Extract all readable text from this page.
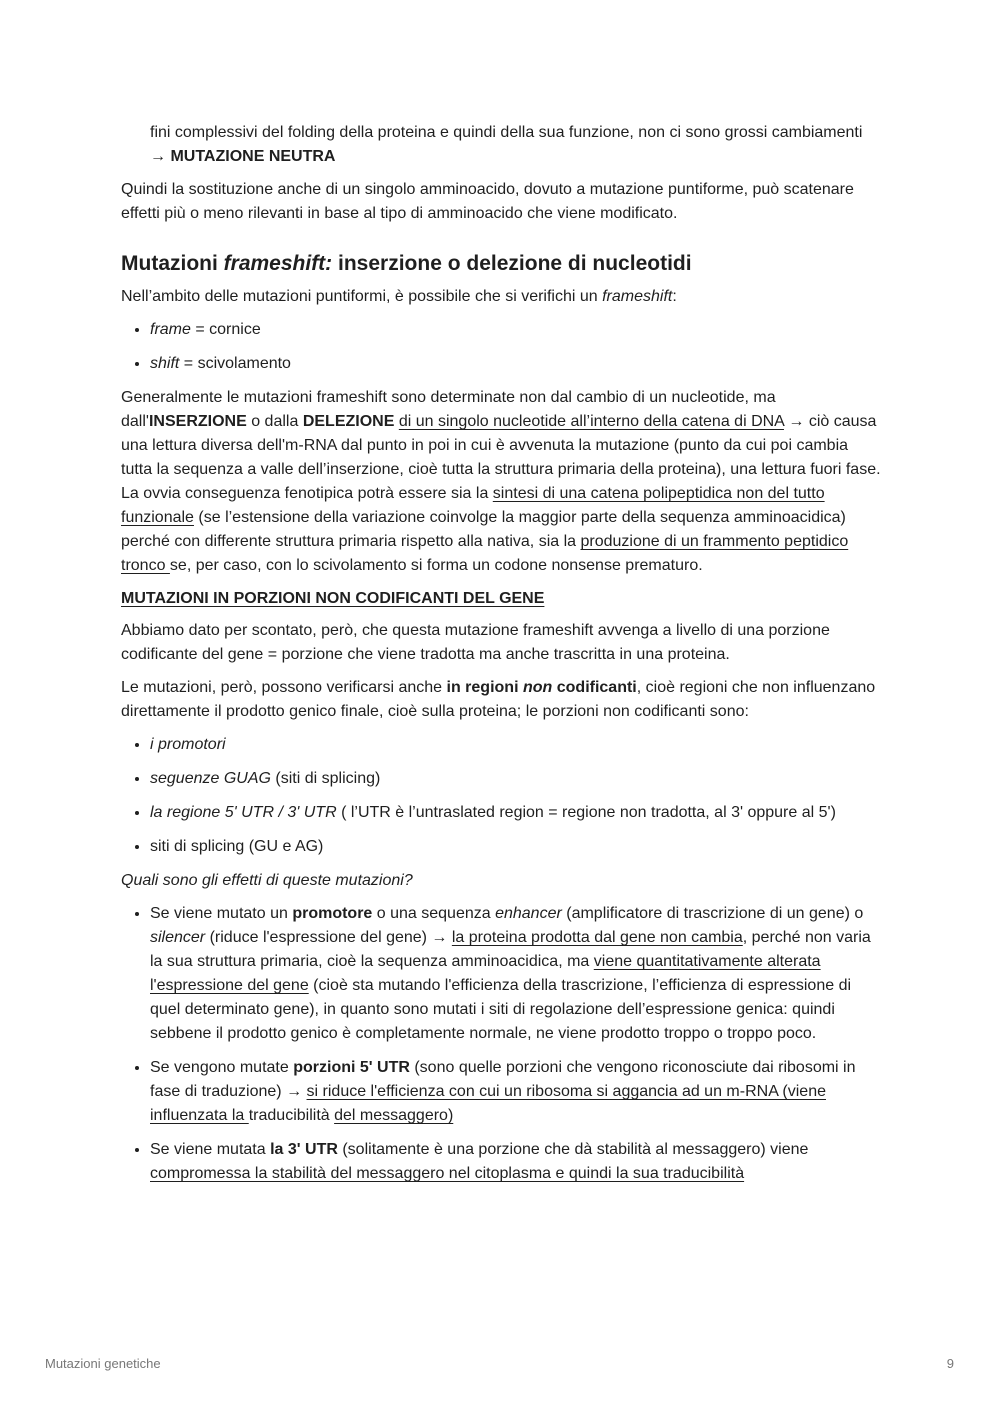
fini complessivi del folding della proteina e quindi della sua funzione, non ci sono grossi cambiamenti → MUTAZIONE NEUTRA

Quindi la sostituzione anche di un singolo amminoacido, dovuto a mutazione puntiforme, può scatenare effetti più o meno rilevanti in base al tipo di amminoacido che viene modificato.

Mutazioni frameshift: inserzione o delezione di nucleotidi

Nell’ambito delle mutazioni puntiformi, è possibile che si verifichi un frameshift:

• frame = cornice
• shift = scivolamento

Generalmente le mutazioni frameshift sono determinate non dal cambio di un nucleotide, ma dall'INSERZIONE o dalla DELEZIONE di un singolo nucleotide all’interno della catena di DNA → ciò causa una lettura diversa dell'm-RNA dal punto in poi in cui è avvenuta la mutazione (punto da cui poi cambia tutta la sequenza a valle dell’inserzione, cioè tutta la struttura primaria della proteina), una lettura fuori fase. La ovvia conseguenza fenotipica potrà essere sia la sintesi di una catena polipeptidica non del tutto funzionale (se l’estensione della variazione coinvolge la maggior parte della sequenza amminoacidica) perché con differente struttura primaria rispetto alla nativa, sia la produzione di un frammento peptidico tronco se, per caso, con lo scivolamento si forma un codone nonsense prematuro.

MUTAZIONI IN PORZIONI NON CODIFICANTI DEL GENE

Abbiamo dato per scontato, però, che questa mutazione frameshift avvenga a livello di una porzione codificante del gene = porzione che viene tradotta ma anche trascritta in una proteina.

Le mutazioni, però, possono verificarsi anche in regioni non codificanti, cioè regioni che non influenzano direttamente il prodotto genico finale, cioè sulla proteina; le porzioni non codificanti sono:

• i promotori
• seguenze GUAG (siti di splicing)
• la regione 5' UTR / 3' UTR ( l’UTR è l’untraslated region = regione non tradotta, al 3' oppure al 5')
• siti di splicing (GU e AG)

Quali sono gli effetti di queste mutazioni?

• Se viene mutato un promotore o una sequenza enhancer (amplificatore di trascrizione di un gene) o silencer (riduce l'espressione del gene) → la proteina prodotta dal gene non cambia, perché non varia la sua struttura primaria, cioè la sequenza amminoacidica, ma viene quantitativamente alterata l'espressione del gene (cioè sta mutando l'efficienza della trascrizione, l’efficienza di espressione di quel determinato gene), in quanto sono mutati i siti di regolazione dell’espressione genica: quindi sebbene il prodotto genico è completamente normale, ne viene prodotto troppo o troppo poco.
• Se vengono mutate porzioni 5' UTR (sono quelle porzioni che vengono riconosciute dai ribosomi in fase di traduzione) → si riduce l'efficienza con cui un ribosoma si aggancia ad un m-RNA (viene influenzata la traducibilità del messaggero)
• Se viene mutata la 3' UTR (solitamente è una porzione che dà stabilità al messaggero) viene compromessa la stabilità del messaggero nel citoplasma e quindi la sua traducibilità
Mutazioni genetiche	9
